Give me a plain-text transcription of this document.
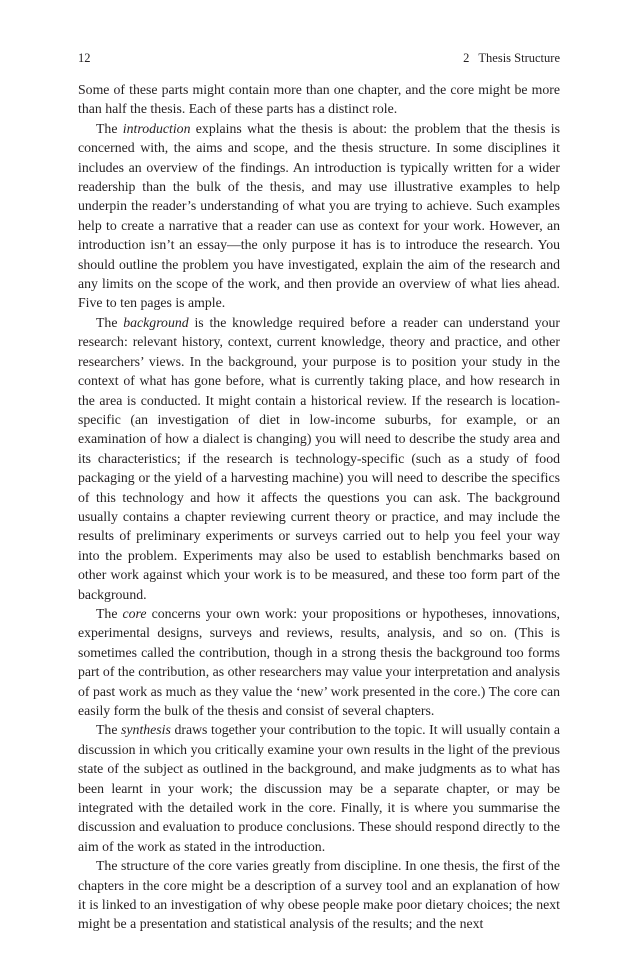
12	2 Thesis Structure

Some of these parts might contain more than one chapter, and the core might be more than half the thesis. Each of these parts has a distinct role.

The introduction explains what the thesis is about: the problem that the thesis is concerned with, the aims and scope, and the thesis structure. In some disciplines it includes an overview of the findings. An introduction is typically written for a wider readership than the bulk of the thesis, and may use illustrative examples to help underpin the reader’s understanding of what you are trying to achieve. Such examples help to create a narrative that a reader can use as context for your work. However, an introduction isn’t an essay—the only purpose it has is to introduce the research. You should outline the problem you have investigated, explain the aim of the research and any limits on the scope of the work, and then provide an overview of what lies ahead. Five to ten pages is ample.

The background is the knowledge required before a reader can understand your research: relevant history, context, current knowledge, theory and practice, and other researchers’ views. In the background, your purpose is to position your study in the context of what has gone before, what is currently taking place, and how research in the area is conducted. It might contain a historical review. If the research is location-specific (an investigation of diet in low-income suburbs, for example, or an examination of how a dialect is changing) you will need to describe the study area and its characteristics; if the research is technology-specific (such as a study of food packaging or the yield of a harvesting machine) you will need to describe the specifics of this technology and how it affects the questions you can ask. The background usually contains a chapter reviewing current theory or practice, and may include the results of preliminary experiments or surveys carried out to help you feel your way into the problem. Experiments may also be used to establish benchmarks based on other work against which your work is to be measured, and these too form part of the background.

The core concerns your own work: your propositions or hypotheses, innovations, experimental designs, surveys and reviews, results, analysis, and so on. (This is sometimes called the contribution, though in a strong thesis the background too forms part of the contribution, as other researchers may value your interpretation and analysis of past work as much as they value the ‘new’ work presented in the core.) The core can easily form the bulk of the thesis and consist of several chapters.

The synthesis draws together your contribution to the topic. It will usually contain a discussion in which you critically examine your own results in the light of the previous state of the subject as outlined in the background, and make judgments as to what has been learnt in your work; the discussion may be a separate chapter, or may be integrated with the detailed work in the core. Finally, it is where you summarise the discussion and evaluation to produce conclusions. These should respond directly to the aim of the work as stated in the introduction.

The structure of the core varies greatly from discipline. In one thesis, the first of the chapters in the core might be a description of a survey tool and an explanation of how it is linked to an investigation of why obese people make poor dietary choices; the next might be a presentation and statistical analysis of the results; and the next
